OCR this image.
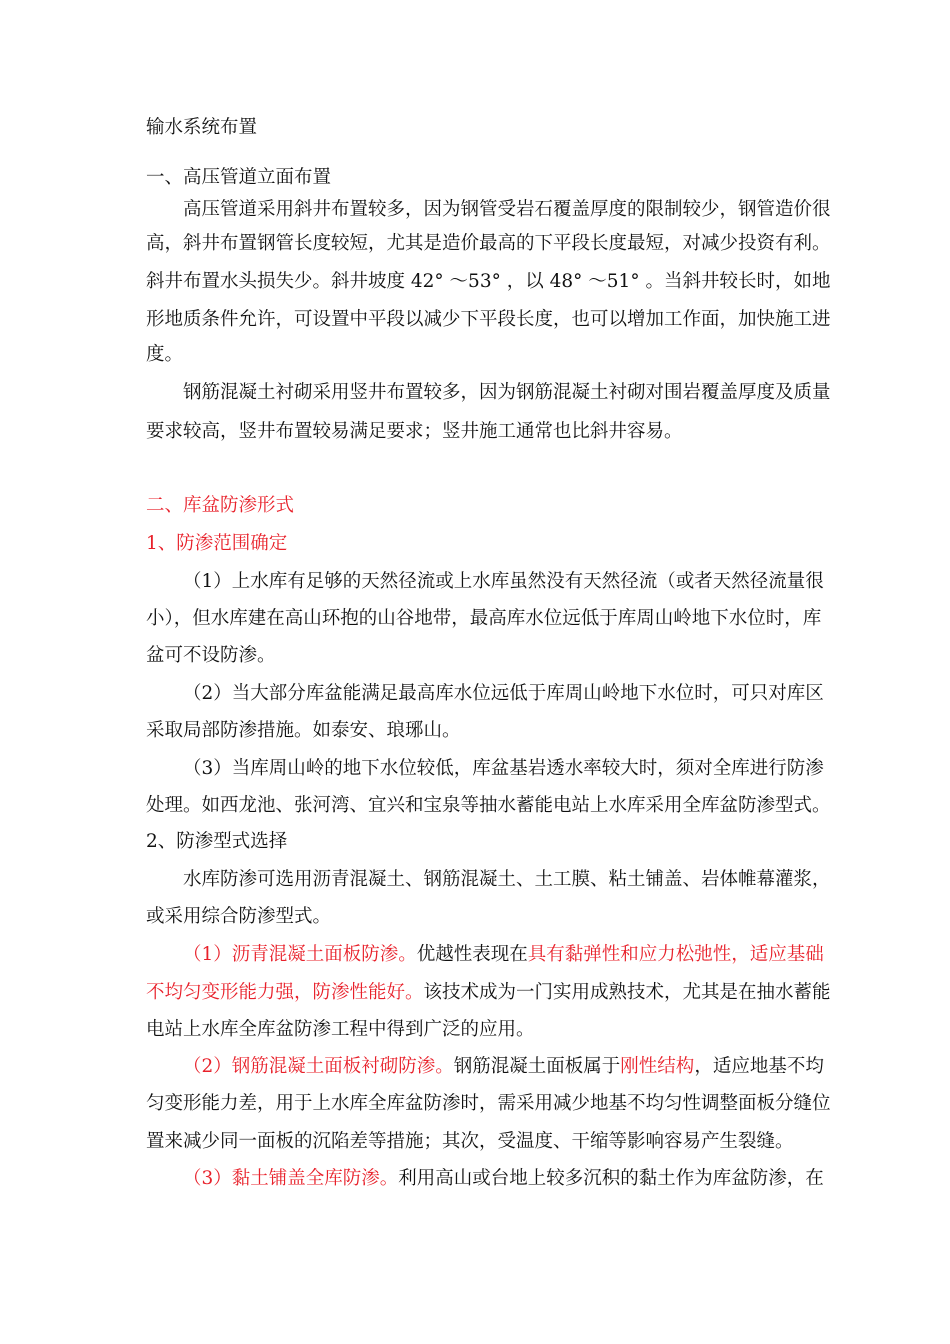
输水系统布置

一、高压管道立面布置

高压管道采用斜井布置较多，因为钢管受岩石覆盖厚度的限制较少，钢管造价很

高，斜井布置钢管长度较短，尤其是造价最高的下平段长度最短，对减少投资有利。

斜井布置水头损失少。斜井坡度 42° ～53° ，以 48° ～51° 。当斜井较长时，如地

形地质条件允许，可设置中平段以减少下平段长度，也可以增加工作面，加快施工进

度。

钢筋混凝土衬砌采用竖井布置较多，因为钢筋混凝土衬砌对围岩覆盖厚度及质量

要求较高，竖井布置较易满足要求；竖井施工通常也比斜井容易。

二、库盆防渗形式

1、防渗范围确定

（1）上水库有足够的天然径流或上水库虽然没有天然径流（或者天然径流量很

小），但水库建在高山环抱的山谷地带，最高库水位远低于库周山岭地下水位时，库

盆可不设防渗。

（2）当大部分库盆能满足最高库水位远低于库周山岭地下水位时，可只对库区

采取局部防渗措施。如泰安、琅琊山。

（3）当库周山岭的地下水位较低，库盆基岩透水率较大时，须对全库进行防渗

处理。如西龙池、张河湾、宜兴和宝泉等抽水蓄能电站上水库采用全库盆防渗型式。

2、防渗型式选择

水库防渗可选用沥青混凝土、钢筋混凝土、土工膜、粘土铺盖、岩体帷幕灌浆，

或采用综合防渗型式。

（1）沥青混凝土面板防渗。优越性表现在具有黏弹性和应力松弛性，适应基础

不均匀变形能力强，防渗性能好。该技术成为一门实用成熟技术，尤其是在抽水蓄能

电站上水库全库盆防渗工程中得到广泛的应用。

（2）钢筋混凝土面板衬砌防渗。钢筋混凝土面板属于刚性结构，适应地基不均

匀变形能力差，用于上水库全库盆防渗时，需采用减少地基不均匀性调整面板分缝位

置来减少同一面板的沉陷差等措施；其次，受温度、干缩等影响容易产生裂缝。

（3）黏土铺盖全库防渗。利用高山或台地上较多沉积的黏土作为库盆防渗，在
